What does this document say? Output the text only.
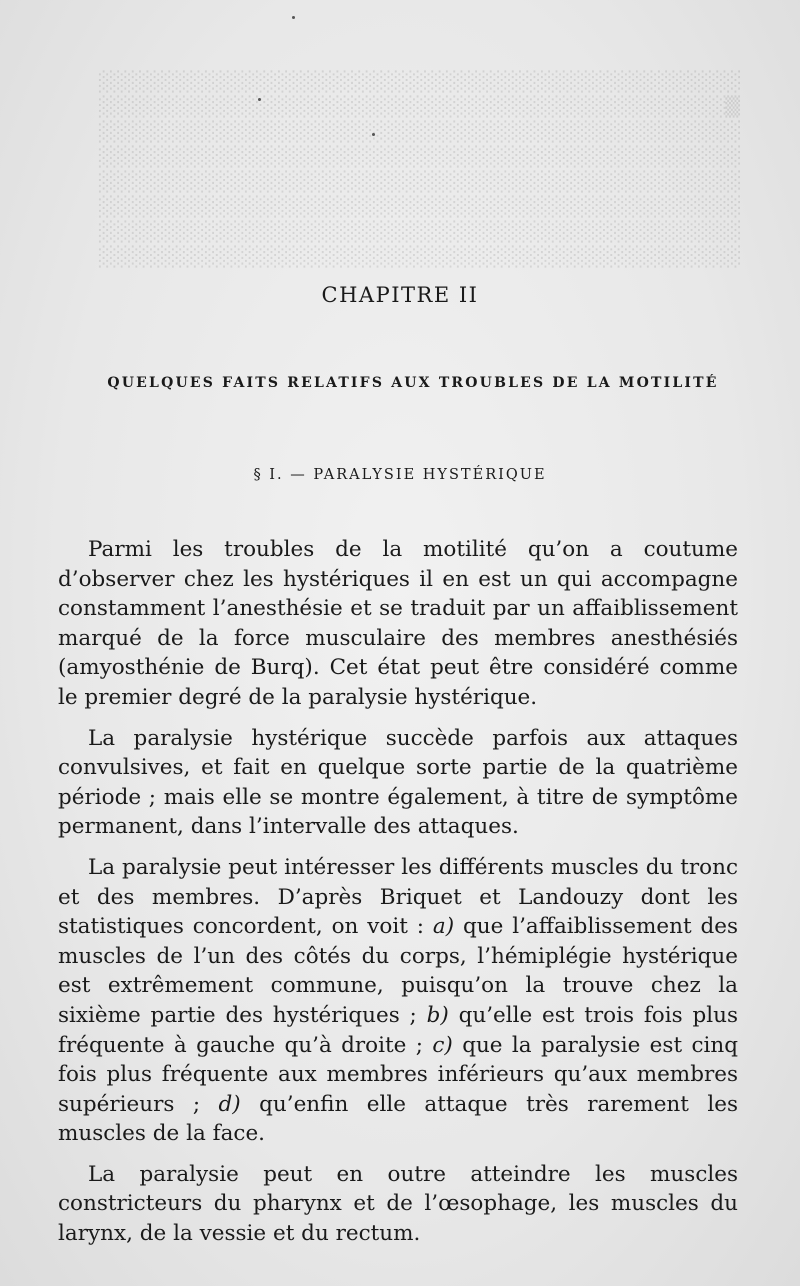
░░░░░░░░░░░░░░░░░░░░░░░░░░░░░░░░░░░░░░░░░░░░
▒░░░░░░░░░░░░░░░░░░░░░░░░░░░░░░░░░░░░░░░░░░░
░░░░░░░░░░░░░░░░░░░░░░░░░░░░░░░░░░░░░░░░░░░░
░░░░░░░░░░░░░░░░░░░░░░░░░░░░░░░░░░░░░░░░░░░░
░░░░░░░░░░░░░░░░░░░░░░░░░░░░░░░░░░░░░░░░░░░░
░░░░░░░░░░░░░░░░░░░░░░░░░░░░░░░░░░░░░░░░░░░░
░░░░░░░░░░░░░░░░░░░░░░░░░░░░░░░░░░░░░░░░░░░░
░░░░░░░░░░░░░░░░░░░░░░░░░░░░░░░░░░░░░░░░░░░░
CHAPITRE II
QUELQUES FAITS RELATIFS AUX TROUBLES DE LA MOTILITÉ
§ I. — PARALYSIE HYSTÉRIQUE

Parmi les troubles de la motilité qu’on a coutume d’observer chez les hystériques il en est un qui accompagne constamment l’anesthésie et se traduit par un affaiblissement marqué de la force musculaire des membres anesthésiés (amyosthénie de Burq). Cet état peut être considéré comme le premier degré de la paralysie hystérique.

La paralysie hystérique succède parfois aux attaques convulsives, et fait en quelque sorte partie de la quatrième période ; mais elle se montre également, à titre de symptôme permanent, dans l’intervalle des attaques.

La paralysie peut intéresser les différents muscles du tronc et des membres. D’après Briquet et Landouzy dont les statistiques concordent, on voit : a) que l’affaiblissement des muscles de l’un des côtés du corps, l’hémiplégie hystérique est extrêmement commune, puisqu’on la trouve chez la sixième partie des hystériques ; b) qu’elle est trois fois plus fréquente à gauche qu’à droite ; c) que la paralysie est cinq fois plus fréquente aux membres inférieurs qu’aux membres supérieurs ; d) qu’enfin elle attaque très rarement les muscles de la face.

La paralysie peut en outre atteindre les muscles constricteurs du pharynx et de l’œsophage, les muscles du larynx, de la vessie et du rectum.
